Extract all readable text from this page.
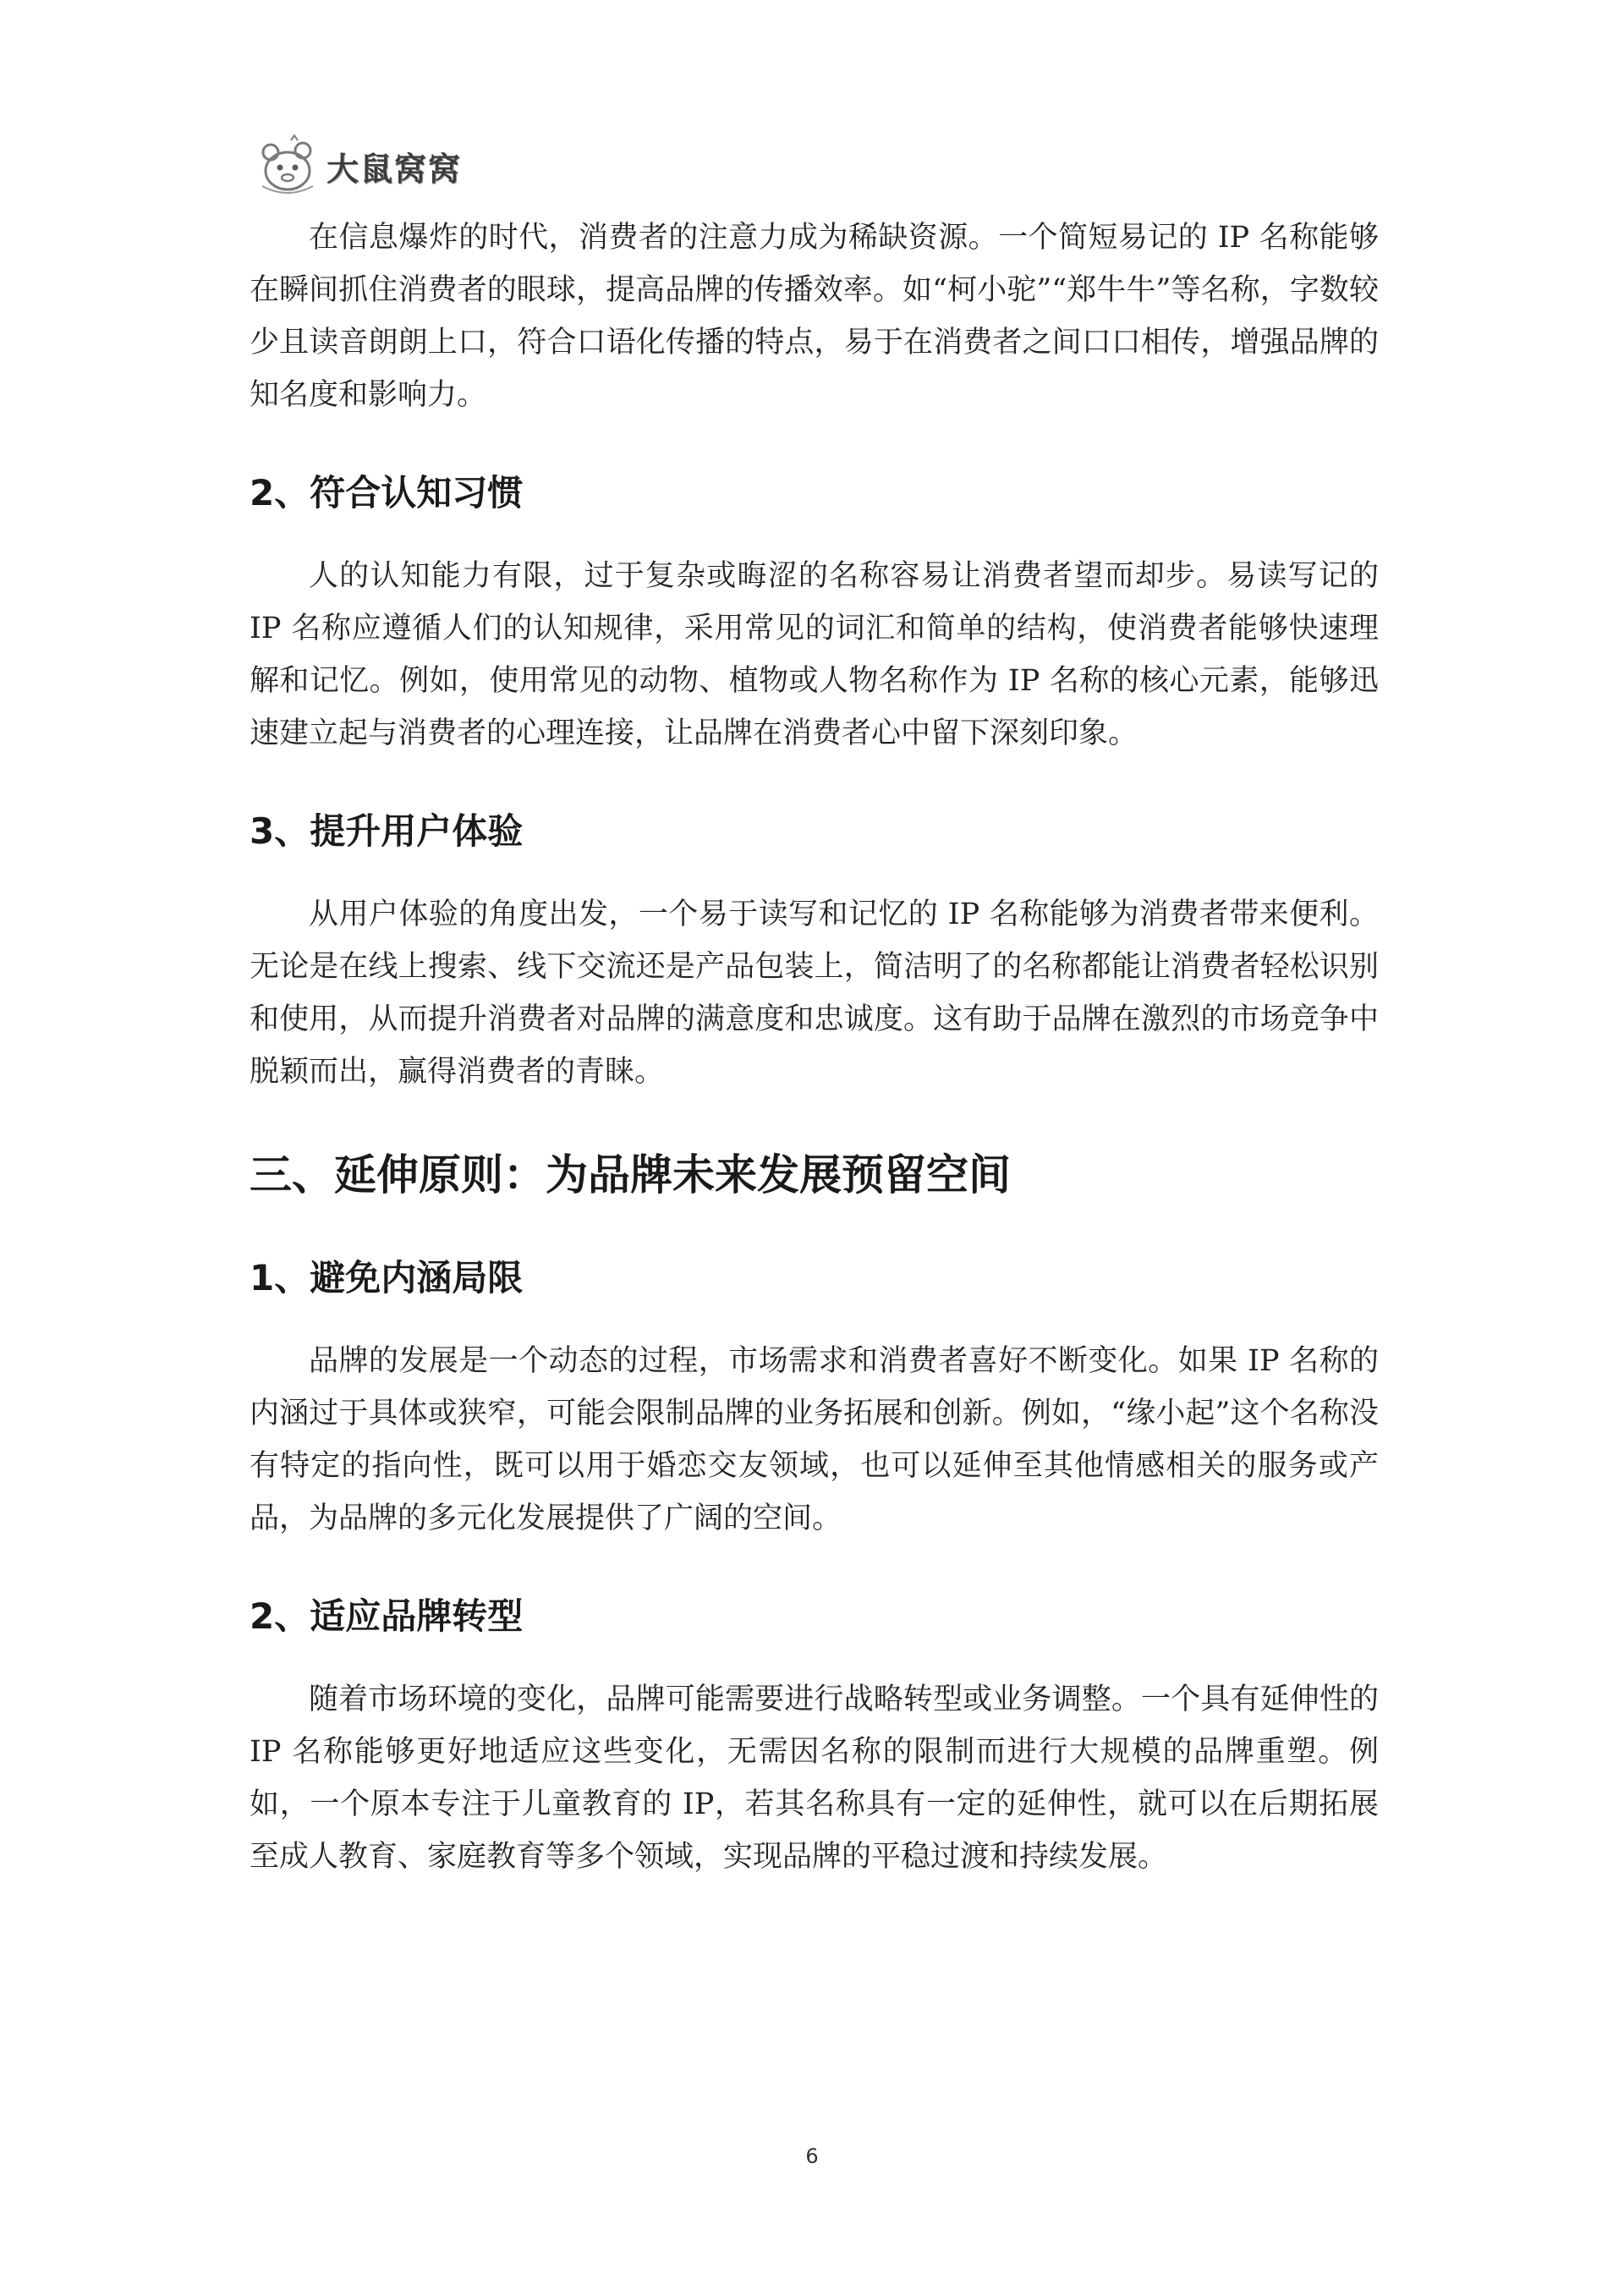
大鼠窝窝

在信息爆炸的时代，消费者的注意力成为稀缺资源。一个简短易记的 IP 名称能够在瞬间抓住消费者的眼球，提高品牌的传播效率。如“柯小驼”“郑牛牛”等名称，字数较少且读音朗朗上口，符合口语化传播的特点，易于在消费者之间口口相传，增强品牌的知名度和影响力。

2、符合认知习惯

人的认知能力有限，过于复杂或晦涩的名称容易让消费者望而却步。易读写记的 IP 名称应遵循人们的认知规律，采用常见的词汇和简单的结构，使消费者能够快速理解和记忆。例如，使用常见的动物、植物或人物名称作为 IP 名称的核心元素，能够迅速建立起与消费者的心理连接，让品牌在消费者心中留下深刻印象。

3、提升用户体验

从用户体验的角度出发，一个易于读写和记忆的 IP 名称能够为消费者带来便利。无论是在线上搜索、线下交流还是产品包装上，简洁明了的名称都能让消费者轻松识别和使用，从而提升消费者对品牌的满意度和忠诚度。这有助于品牌在激烈的市场竞争中脱颖而出，赢得消费者的青睐。

三、延伸原则：为品牌未来发展预留空间
1、避免内涵局限

品牌的发展是一个动态的过程，市场需求和消费者喜好不断变化。如果 IP 名称的内涵过于具体或狭窄，可能会限制品牌的业务拓展和创新。例如，“缘小起”这个名称没有特定的指向性，既可以用于婚恋交友领域，也可以延伸至其他情感相关的服务或产品，为品牌的多元化发展提供了广阔的空间。

2、适应品牌转型

随着市场环境的变化，品牌可能需要进行战略转型或业务调整。一个具有延伸性的 IP 名称能够更好地适应这些变化，无需因名称的限制而进行大规模的品牌重塑。例如，一个原本专注于儿童教育的 IP，若其名称具有一定的延伸性，就可以在后期拓展至成人教育、家庭教育等多个领域，实现品牌的平稳过渡和持续发展。

6
